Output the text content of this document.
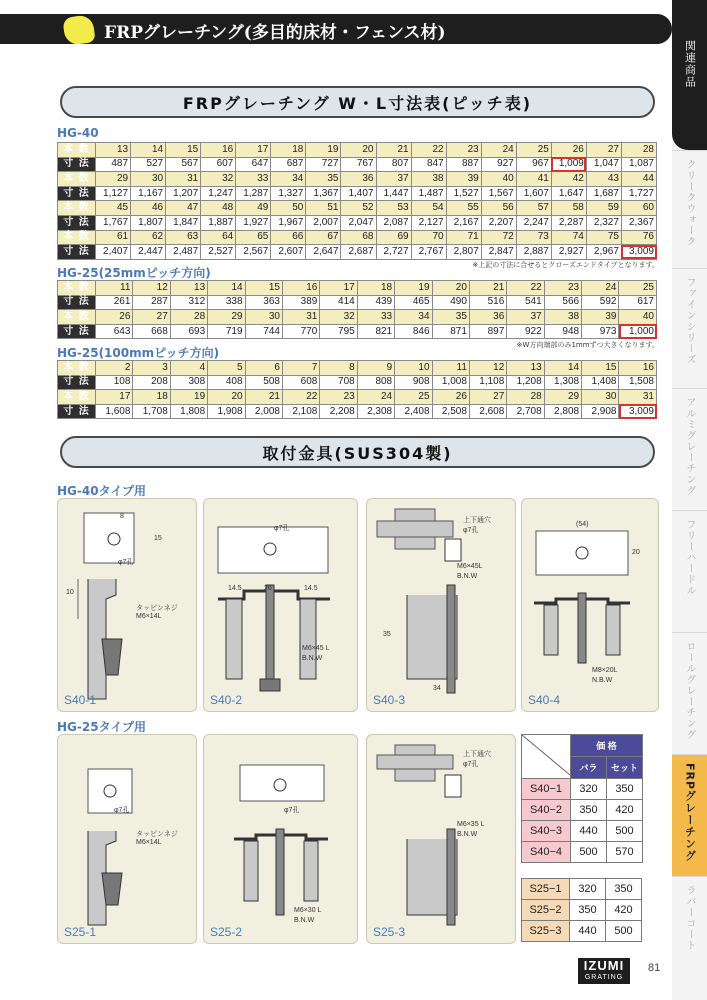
FRPグレーチング(多目的床材・フェンス材)
関連商品
クリークウォーク
ファインシリーズ
アルミグレーチング
フリーハードル
ロールグレーチング
FRPグレーチング
ラバーコート
FRPグレーチング W・L寸法表(ピッチ表)
HG-40
本 数	13	14	15	16	17	18	19	20	21	22	23	24	25	26	27	28
寸 法	487	527	567	607	647	687	727	767	807	847	887	927	967	1,009	1,047	1,087
本 数	29	30	31	32	33	34	35	36	37	38	39	40	41	42	43	44
寸 法	1,127	1,167	1,207	1,247	1,287	1,327	1,367	1,407	1,447	1,487	1,527	1,567	1,607	1,647	1,687	1,727
本 数	45	46	47	48	49	50	51	52	53	54	55	56	57	58	59	60
寸 法	1,767	1,807	1,847	1,887	1,927	1,967	2,007	2,047	2,087	2,127	2,167	2,207	2,247	2,287	2,327	2,367
本 数	61	62	63	64	65	66	67	68	69	70	71	72	73	74	75	76
寸 法	2,407	2,447	2,487	2,527	2,567	2,607	2,647	2,687	2,727	2,767	2,807	2,847	2,887	2,927	2,967	3,009
※上記の寸法に合せるとクローズエンドタイプとなります。
HG-25(25mmピッチ方向)
本 数	11	12	13	14	15	16	17	18	19	20	21	22	23	24	25
寸 法	261	287	312	338	363	389	414	439	465	490	516	541	566	592	617
本 数	26	27	28	29	30	31	32	33	34	35	36	37	38	39	40
寸 法	643	668	693	719	744	770	795	821	846	871	897	922	948	973	1,000
※W方向端部のみ1mmずつ大きくなります。
HG-25(100mmピッチ方向)
本 数	2	3	4	5	6	7	8	9	10	11	12	13	14	15	16
寸 法	108	208	308	408	508	608	708	808	908	1,008	1,108	1,208	1,308	1,408	1,508
本 数	17	18	19	20	21	22	23	24	25	26	27	28	29	30	31
寸 法	1,608	1,708	1,808	1,908	2,008	2,108	2,208	2,308	2,408	2,508	2,608	2,708	2,808	2,908	3,009
取付金具(SUS304製)
HG-40タイプ用
8
15
φ7孔
10
タッピンネジ
M6×14L
S40-1
φ7孔
14.5	26	14.5
M6×45 L
B.N.W
S40-2
上下通穴
φ7孔
M6×45L
B.N.W
35
34
S40-3
(54)
20
M8×20L
N.B.W
S40-4
HG-25タイプ用
φ7孔
タッピンネジ
M6×14L
S25-1
φ7孔
M6×30 L
B.N.W
S25-2
上下通穴
φ7孔
M6×35 L
B.N.W
S25-3
	価 格	
	バラ	セット
S40−1	320	350
S40−2	350	420
S40−3	440	500
S40−4	500	570
S25−1	320	350
S25−2	350	420
S25−3	440	500
IZUMI
GRATING
81
